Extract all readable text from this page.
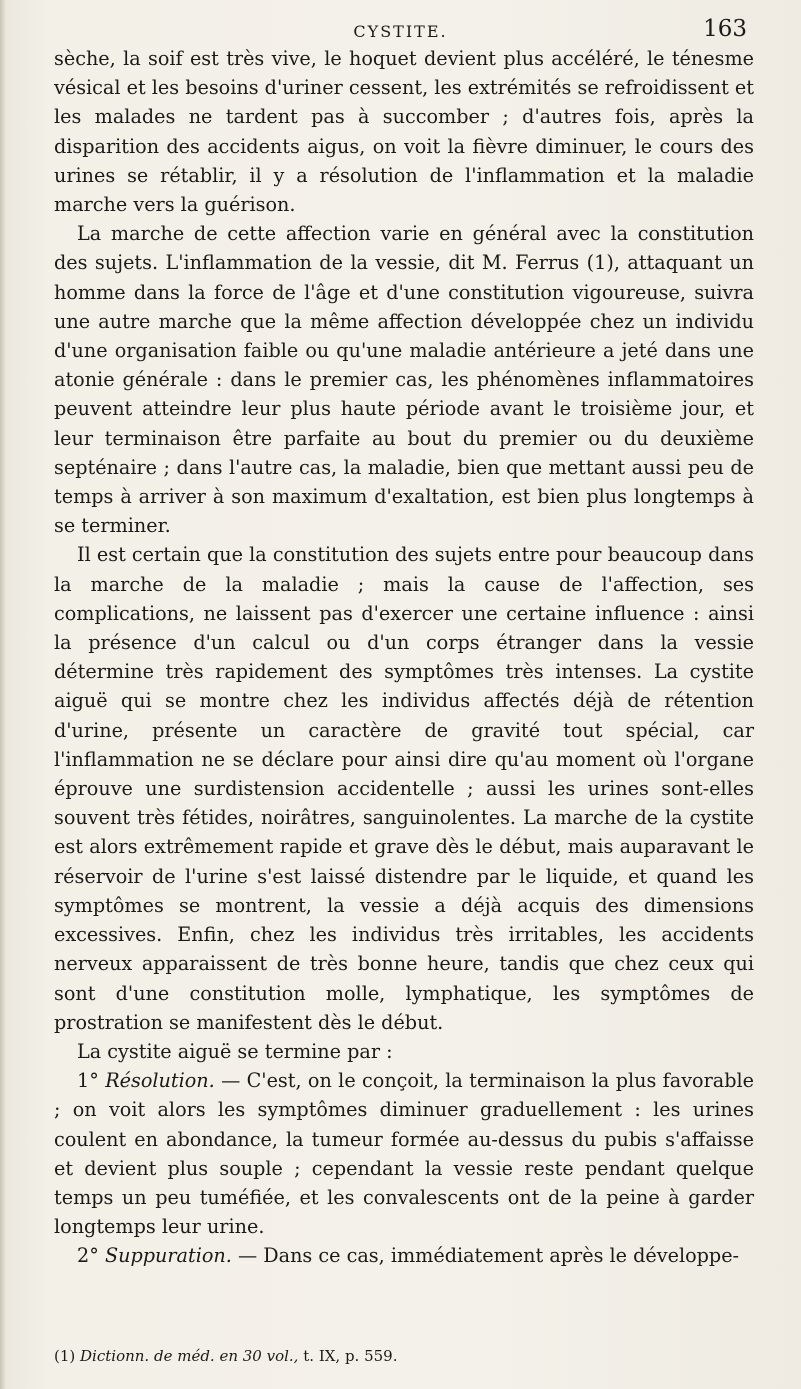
CYSTITE.	163

sèche, la soif est très vive, le hoquet devient plus accéléré, le ténesme vésical et les besoins d'uriner cessent, les extrémités se refroidissent et les malades ne tardent pas à succomber ; d'autres fois, après la disparition des accidents aigus, on voit la fièvre diminuer, le cours des urines se rétablir, il y a résolution de l'inflammation et la maladie marche vers la guérison.

La marche de cette affection varie en général avec la constitution des sujets. L'inflammation de la vessie, dit M. Ferrus (1), attaquant un homme dans la force de l'âge et d'une constitution vigoureuse, suivra une autre marche que la même affection développée chez un individu d'une organisation faible ou qu'une maladie antérieure a jeté dans une atonie générale : dans le premier cas, les phénomènes inflammatoires peuvent atteindre leur plus haute période avant le troisième jour, et leur terminaison être parfaite au bout du premier ou du deuxième septénaire ; dans l'autre cas, la maladie, bien que mettant aussi peu de temps à arriver à son maximum d'exaltation, est bien plus longtemps à se terminer.

Il est certain que la constitution des sujets entre pour beaucoup dans la marche de la maladie ; mais la cause de l'affection, ses complications, ne laissent pas d'exercer une certaine influence : ainsi la présence d'un calcul ou d'un corps étranger dans la vessie détermine très rapidement des symptômes très intenses. La cystite aiguë qui se montre chez les individus affectés déjà de rétention d'urine, présente un caractère de gravité tout spécial, car l'inflammation ne se déclare pour ainsi dire qu'au moment où l'organe éprouve une surdistension accidentelle ; aussi les urines sont-elles souvent très fétides, noirâtres, sanguinolentes. La marche de la cystite est alors extrêmement rapide et grave dès le début, mais auparavant le réservoir de l'urine s'est laissé distendre par le liquide, et quand les symptômes se montrent, la vessie a déjà acquis des dimensions excessives. Enfin, chez les individus très irritables, les accidents nerveux apparaissent de très bonne heure, tandis que chez ceux qui sont d'une constitution molle, lymphatique, les symptômes de prostration se manifestent dès le début.

La cystite aiguë se termine par :

1° Résolution. — C'est, on le conçoit, la terminaison la plus favorable ; on voit alors les symptômes diminuer graduellement : les urines coulent en abondance, la tumeur formée au-dessus du pubis s'affaisse et devient plus souple ; cependant la vessie reste pendant quelque temps un peu tuméfiée, et les convalescents ont de la peine à garder longtemps leur urine.

2° Suppuration. — Dans ce cas, immédiatement après le développe-

(1) Dictionn. de méd. en 30 vol., t. IX, p. 559.
